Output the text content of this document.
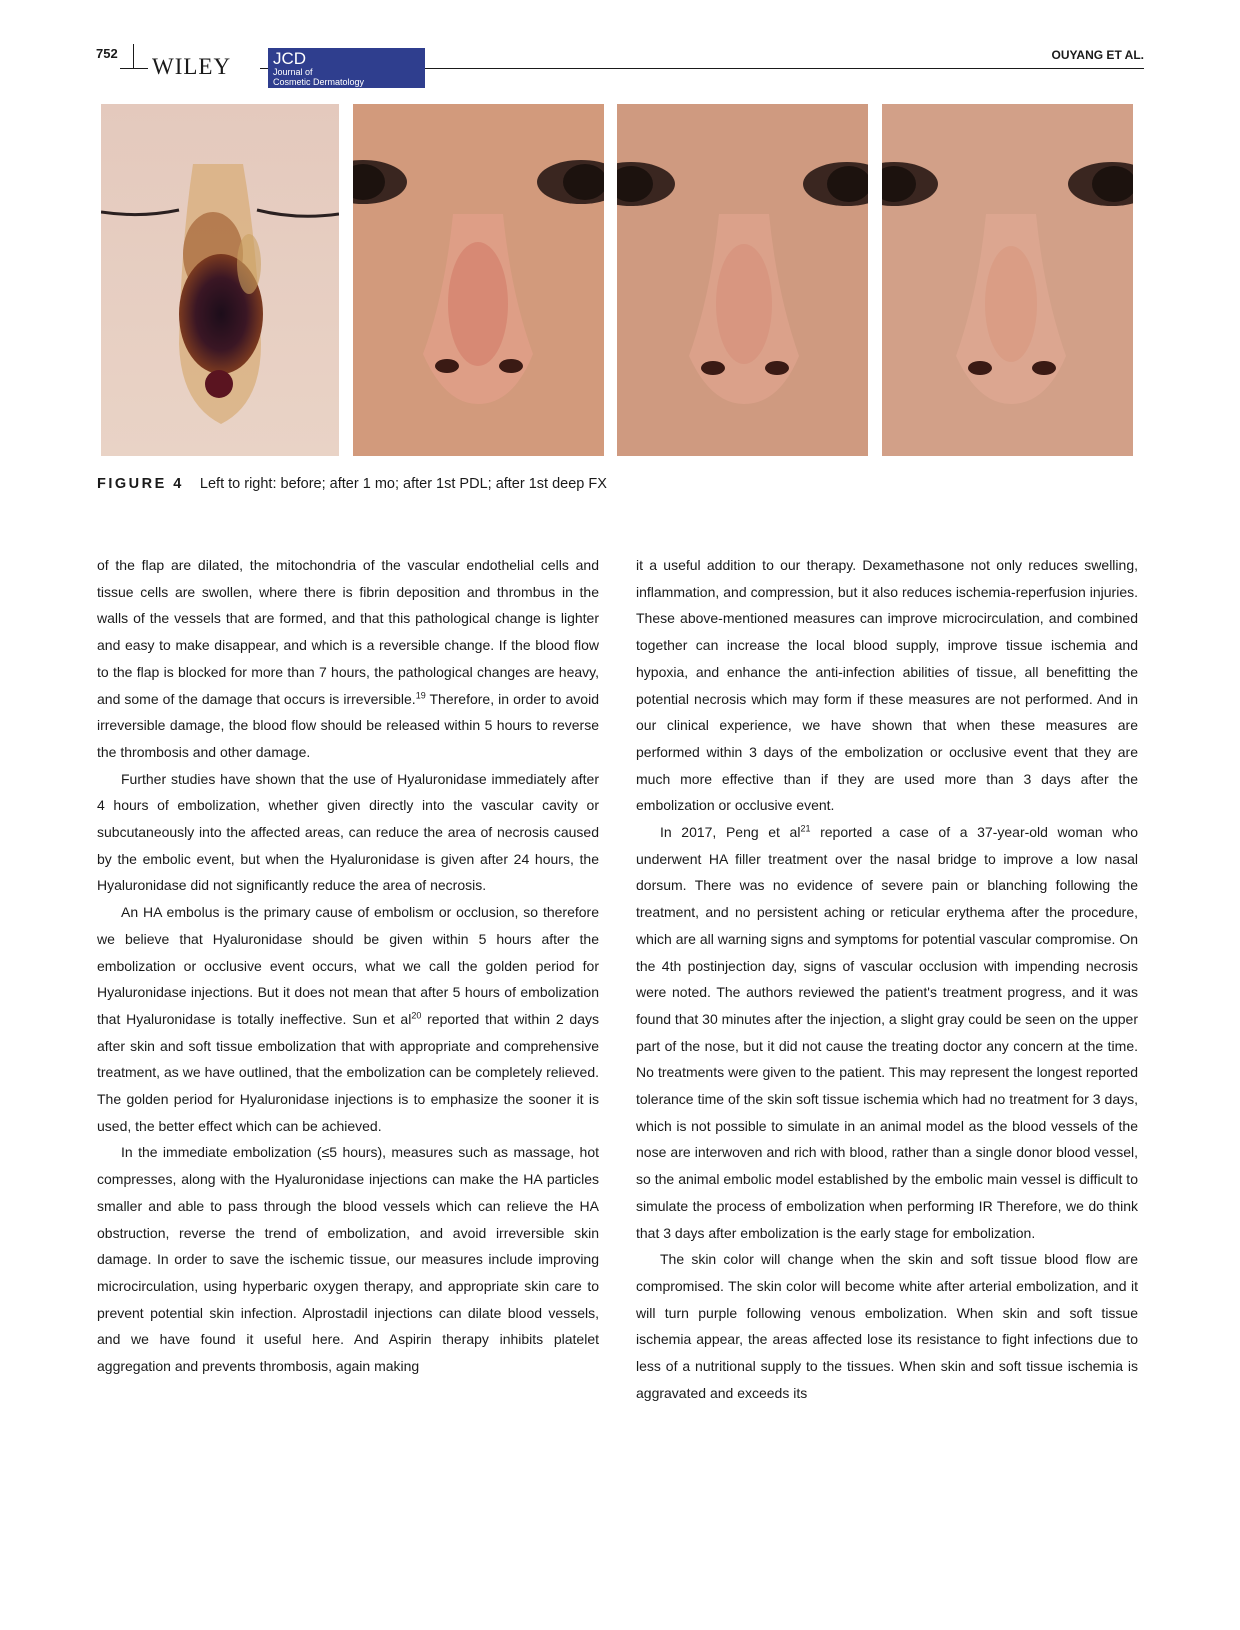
752
WILEY JCD
Journal of
Cosmetic Dermatology
OUYANG ET AL.
FIGURE 4 Left to right: before; after 1 mo; after 1st PDL; after 1st deep FX

of the flap are dilated, the mitochondria of the vascular endothelial cells and tissue cells are swollen, where there is fibrin deposition and thrombus in the walls of the vessels that are formed, and that this pathological change is lighter and easy to make disappear, and which is a reversible change. If the blood flow to the flap is blocked for more than 7 hours, the pathological changes are heavy, and some of the damage that occurs is irreversible.$^{19}$ Therefore, in order to avoid irreversible damage, the blood flow should be released within 5 hours to reverse the thrombosis and other damage.

Further studies have shown that the use of Hyaluronidase immediately after 4 hours of embolization, whether given directly into the vascular cavity or subcutaneously into the affected areas, can reduce the area of necrosis caused by the embolic event, but when the Hyaluronidase is given after 24 hours, the Hyaluronidase did not significantly reduce the area of necrosis.

An HA embolus is the primary cause of embolism or occlusion, so therefore we believe that Hyaluronidase should be given within 5 hours after the embolization or occlusive event occurs, what we call the golden period for Hyaluronidase injections. But it does not mean that after 5 hours of embolization that Hyaluronidase is totally ineffective. Sun et $al^{20}$ reported that within 2 days after skin and soft tissue embolization that with appropriate and comprehensive treatment, as we have outlined, that the embolization can be completely relieved. The golden period for Hyaluronidase injections is to emphasize the sooner it is used, the better effect which can be achieved.

In the immediate embolization (≤5 hours), measures such as massage, hot compresses, along with the Hyaluronidase injections can make the HA particles smaller and able to pass through the blood vessels which can relieve the HA obstruction, reverse the trend of embolization, and avoid irreversible skin damage. In order to save the ischemic tissue, our measures include improving microcirculation, using hyperbaric oxygen therapy, and appropriate skin care to prevent potential skin infection. Alprostadil injections can dilate blood vessels, and we have found it useful here. And Aspirin therapy inhibits platelet aggregation and prevents thrombosis, again making

it a useful addition to our therapy. Dexamethasone not only reduces swelling, inflammation, and compression, but it also reduces ischemia-reperfusion injuries. These above-mentioned measures can improve microcirculation, and combined together can increase the local blood supply, improve tissue ischemia and hypoxia, and enhance the anti-infection abilities of tissue, all benefitting the potential necrosis which may form if these measures are not performed. And in our clinical experience, we have shown that when these measures are performed within 3 days of the embolization or occlusive event that they are much more effective than if they are used more than 3 days after the embolization or occlusive event.

In 2017, Peng et $al^{21}$ reported a case of a 37-year-old woman who underwent HA filler treatment over the nasal bridge to improve a low nasal dorsum. There was no evidence of severe pain or blanching following the treatment, and no persistent aching or reticular erythema after the procedure, which are all warning signs and symptoms for potential vascular compromise. On the 4th postinjection day, signs of vascular occlusion with impending necrosis were noted. The authors reviewed the patient's treatment progress, and it was found that 30 minutes after the injection, a slight gray could be seen on the upper part of the nose, but it did not cause the treating doctor any concern at the time. No treatments were given to the patient. This may represent the longest reported tolerance time of the skin soft tissue ischemia which had no treatment for 3 days, which is not possible to simulate in an animal model as the blood vessels of the nose are interwoven and rich with blood, rather than a single donor blood vessel, so the animal embolic model established by the embolic main vessel is difficult to simulate the process of embolization when performing IR Therefore, we do think that 3 days after embolization is the early stage for embolization.

The skin color will change when the skin and soft tissue blood flow are compromised. The skin color will become white after arterial embolization, and it will turn purple following venous embolization. When skin and soft tissue ischemia appear, the areas affected lose its resistance to fight infections due to less of a nutritional supply to the tissues. When skin and soft tissue ischemia is aggravated and exceeds its
